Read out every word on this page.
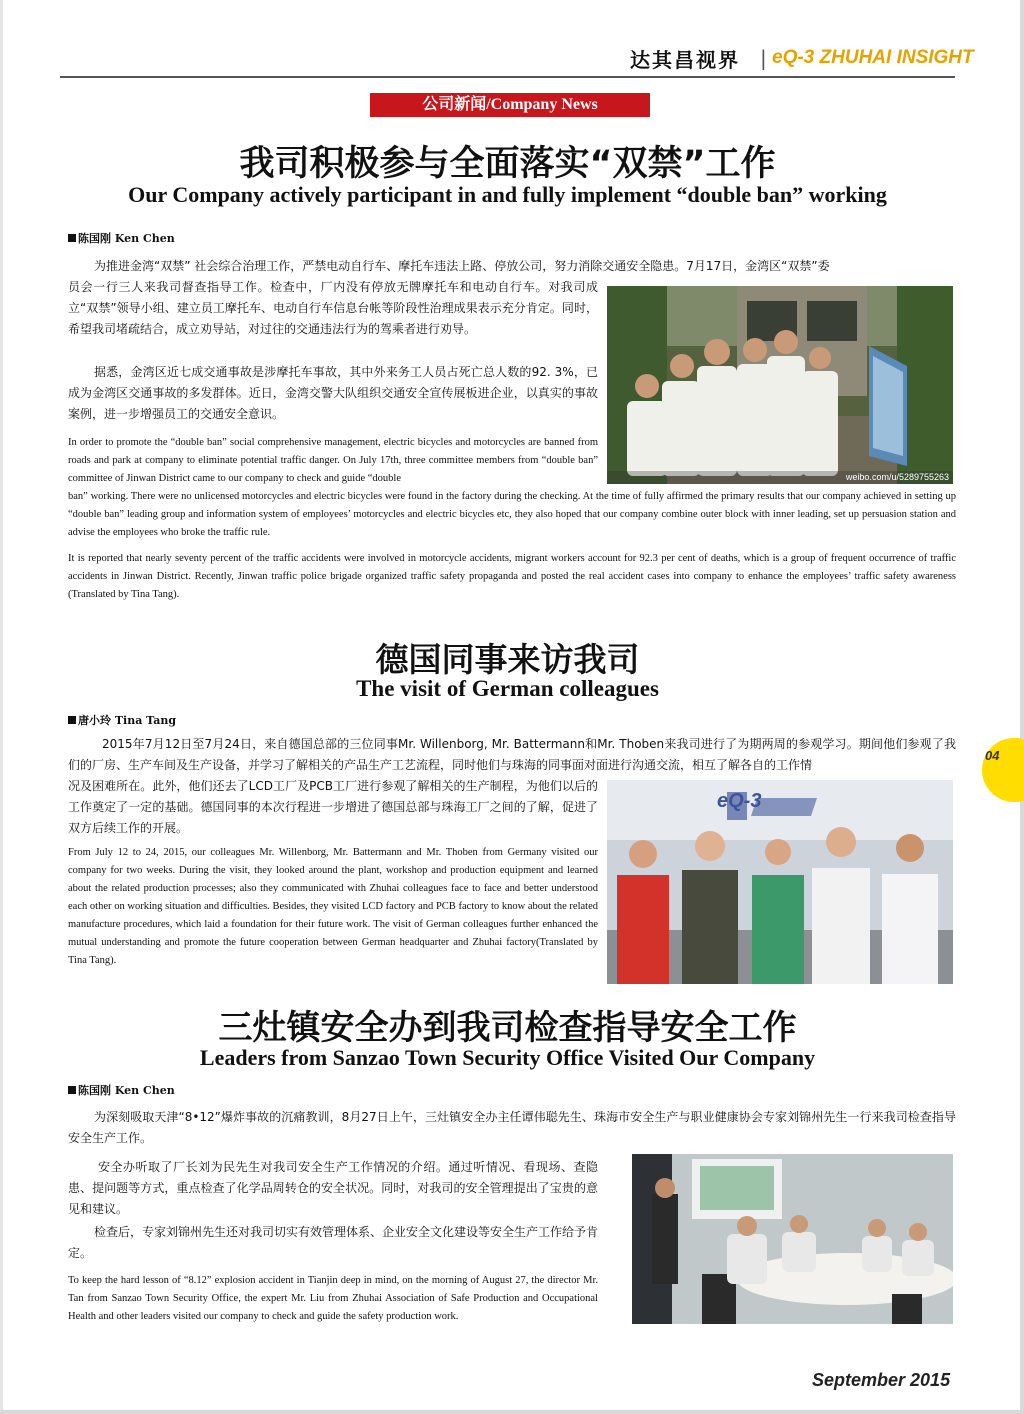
达其昌视界 | eQ-3 ZHUHAI INSIGHT
公司新闻/Company News
我司积极参与全面落实“双禁”工作
Our Company actively participant in and fully implement “double ban” working
陈国刚 Ken Chen

为推进金湾“双禁” 社会综合治理工作，严禁电动自行车、摩托车违法上路、停放公司，努力消除交通安全隐患。7月17日，金湾区“双禁”委

员会一行三人来我司督查指导工作。检查中，厂内没有停放无牌摩托车和电动自行车。对我司成立“双禁”领导小组、建立员工摩托车、电动自行车信息台帐等阶段性治理成果表示充分肯定。同时，希望我司堵疏结合，成立劝导站，对过往的交通违法行为的驾乘者进行劝导。

据悉，金湾区近七成交通事故是涉摩托车事故，其中外来务工人员占死亡总人数的92. 3%，已成为金湾区交通事故的多发群体。近日，金湾交警大队组织交通安全宣传展板进企业，以真实的事故案例，进一步增强员工的交通安全意识。

In order to promote the “double ban” social comprehensive management, electric bicycles and motorcycles are banned from roads and park at company to eliminate potential traffic danger. On July 17th, three committee members from “double ban” committee of Jinwan District came to our company to check and guide “double

ban” working. There were no unlicensed motorcycles and electric bicycles were found in the factory during the checking. At the time of fully affirmed the primary results that our company achieved in setting up “double ban” leading group and information system of employees’ motorcycles and electric bicycles etc, they also hoped that our company combine outer block with inner leading, set up persuasion station and advise the employees who broke the traffic rule.

It is reported that nearly seventy percent of the traffic accidents were involved in motorcycle accidents, migrant workers account for 92.3 per cent of deaths, which is a group of frequent occurrence of traffic accidents in Jinwan District. Recently, Jinwan traffic police brigade organized traffic safety propaganda and posted the real accident cases into company to enhance the employees’ traffic safety awareness (Translated by Tina Tang).

weibo.com/u/5289755263
德国同事来访我司
The visit of German colleagues
唐小玲 Tina Tang

2015年7月12日至7月24日，来自德国总部的三位同事Mr. Willenborg, Mr. Battermann和Mr. Thoben来我司进行了为期两周的参观学习。期间他们参观了我们的厂房、生产车间及生产设备，并学习了解相关的产品生产工艺流程，同时他们与珠海的同事面对面进行沟通交流，相互了解各自的工作情

况及困难所在。此外，他们还去了LCD工厂及PCB工厂进行参观了解相关的生产制程，为他们以后的工作奠定了一定的基础。德国同事的本次行程进一步增进了德国总部与珠海工厂之间的了解，促进了双方后续工作的开展。

From July 12 to 24, 2015, our colleagues Mr. Willenborg, Mr. Battermann and Mr. Thoben from Germany visited our company for two weeks. During the visit, they looked around the plant, workshop and production equipment and learned about the related production processes; also they communicated with Zhuhai colleagues face to face and better understood each other on working situation and difficulties. Besides, they visited LCD factory and PCB factory to know about the related manufacture procedures, which laid a foundation for their future work. The visit of German colleagues further enhanced the mutual understanding and promote the future cooperation between German headquarter and Zhuhai factory(Translated by Tina Tang).

eQ-3
三灶镇安全办到我司检查指导安全工作
Leaders from Sanzao Town Security Office Visited Our Company
陈国刚 Ken Chen

为深刻吸取天津“8•12”爆炸事故的沉痛教训，8月27日上午，三灶镇安全办主任谭伟聪先生、珠海市安全生产与职业健康协会专家刘锦州先生一行来我司检查指导安全生产工作。

安全办听取了厂长刘为民先生对我司安全生产工作情况的介绍。通过听情况、看现场、查隐患、提问题等方式，重点检查了化学品周转仓的安全状况。同时，对我司的安全管理提出了宝贵的意见和建议。

检查后，专家刘锦州先生还对我司切实有效管理体系、企业安全文化建设等安全生产工作给予肯定。

To keep the hard lesson of “8.12” explosion accident in Tianjin deep in mind, on the morning of August 27, the director Mr. Tan from Sanzao Town Security Office, the expert Mr. Liu from Zhuhai Association of Safe Production and Occupational Health and other leaders visited our company to check and guide the safety production work.

04
September 2015
